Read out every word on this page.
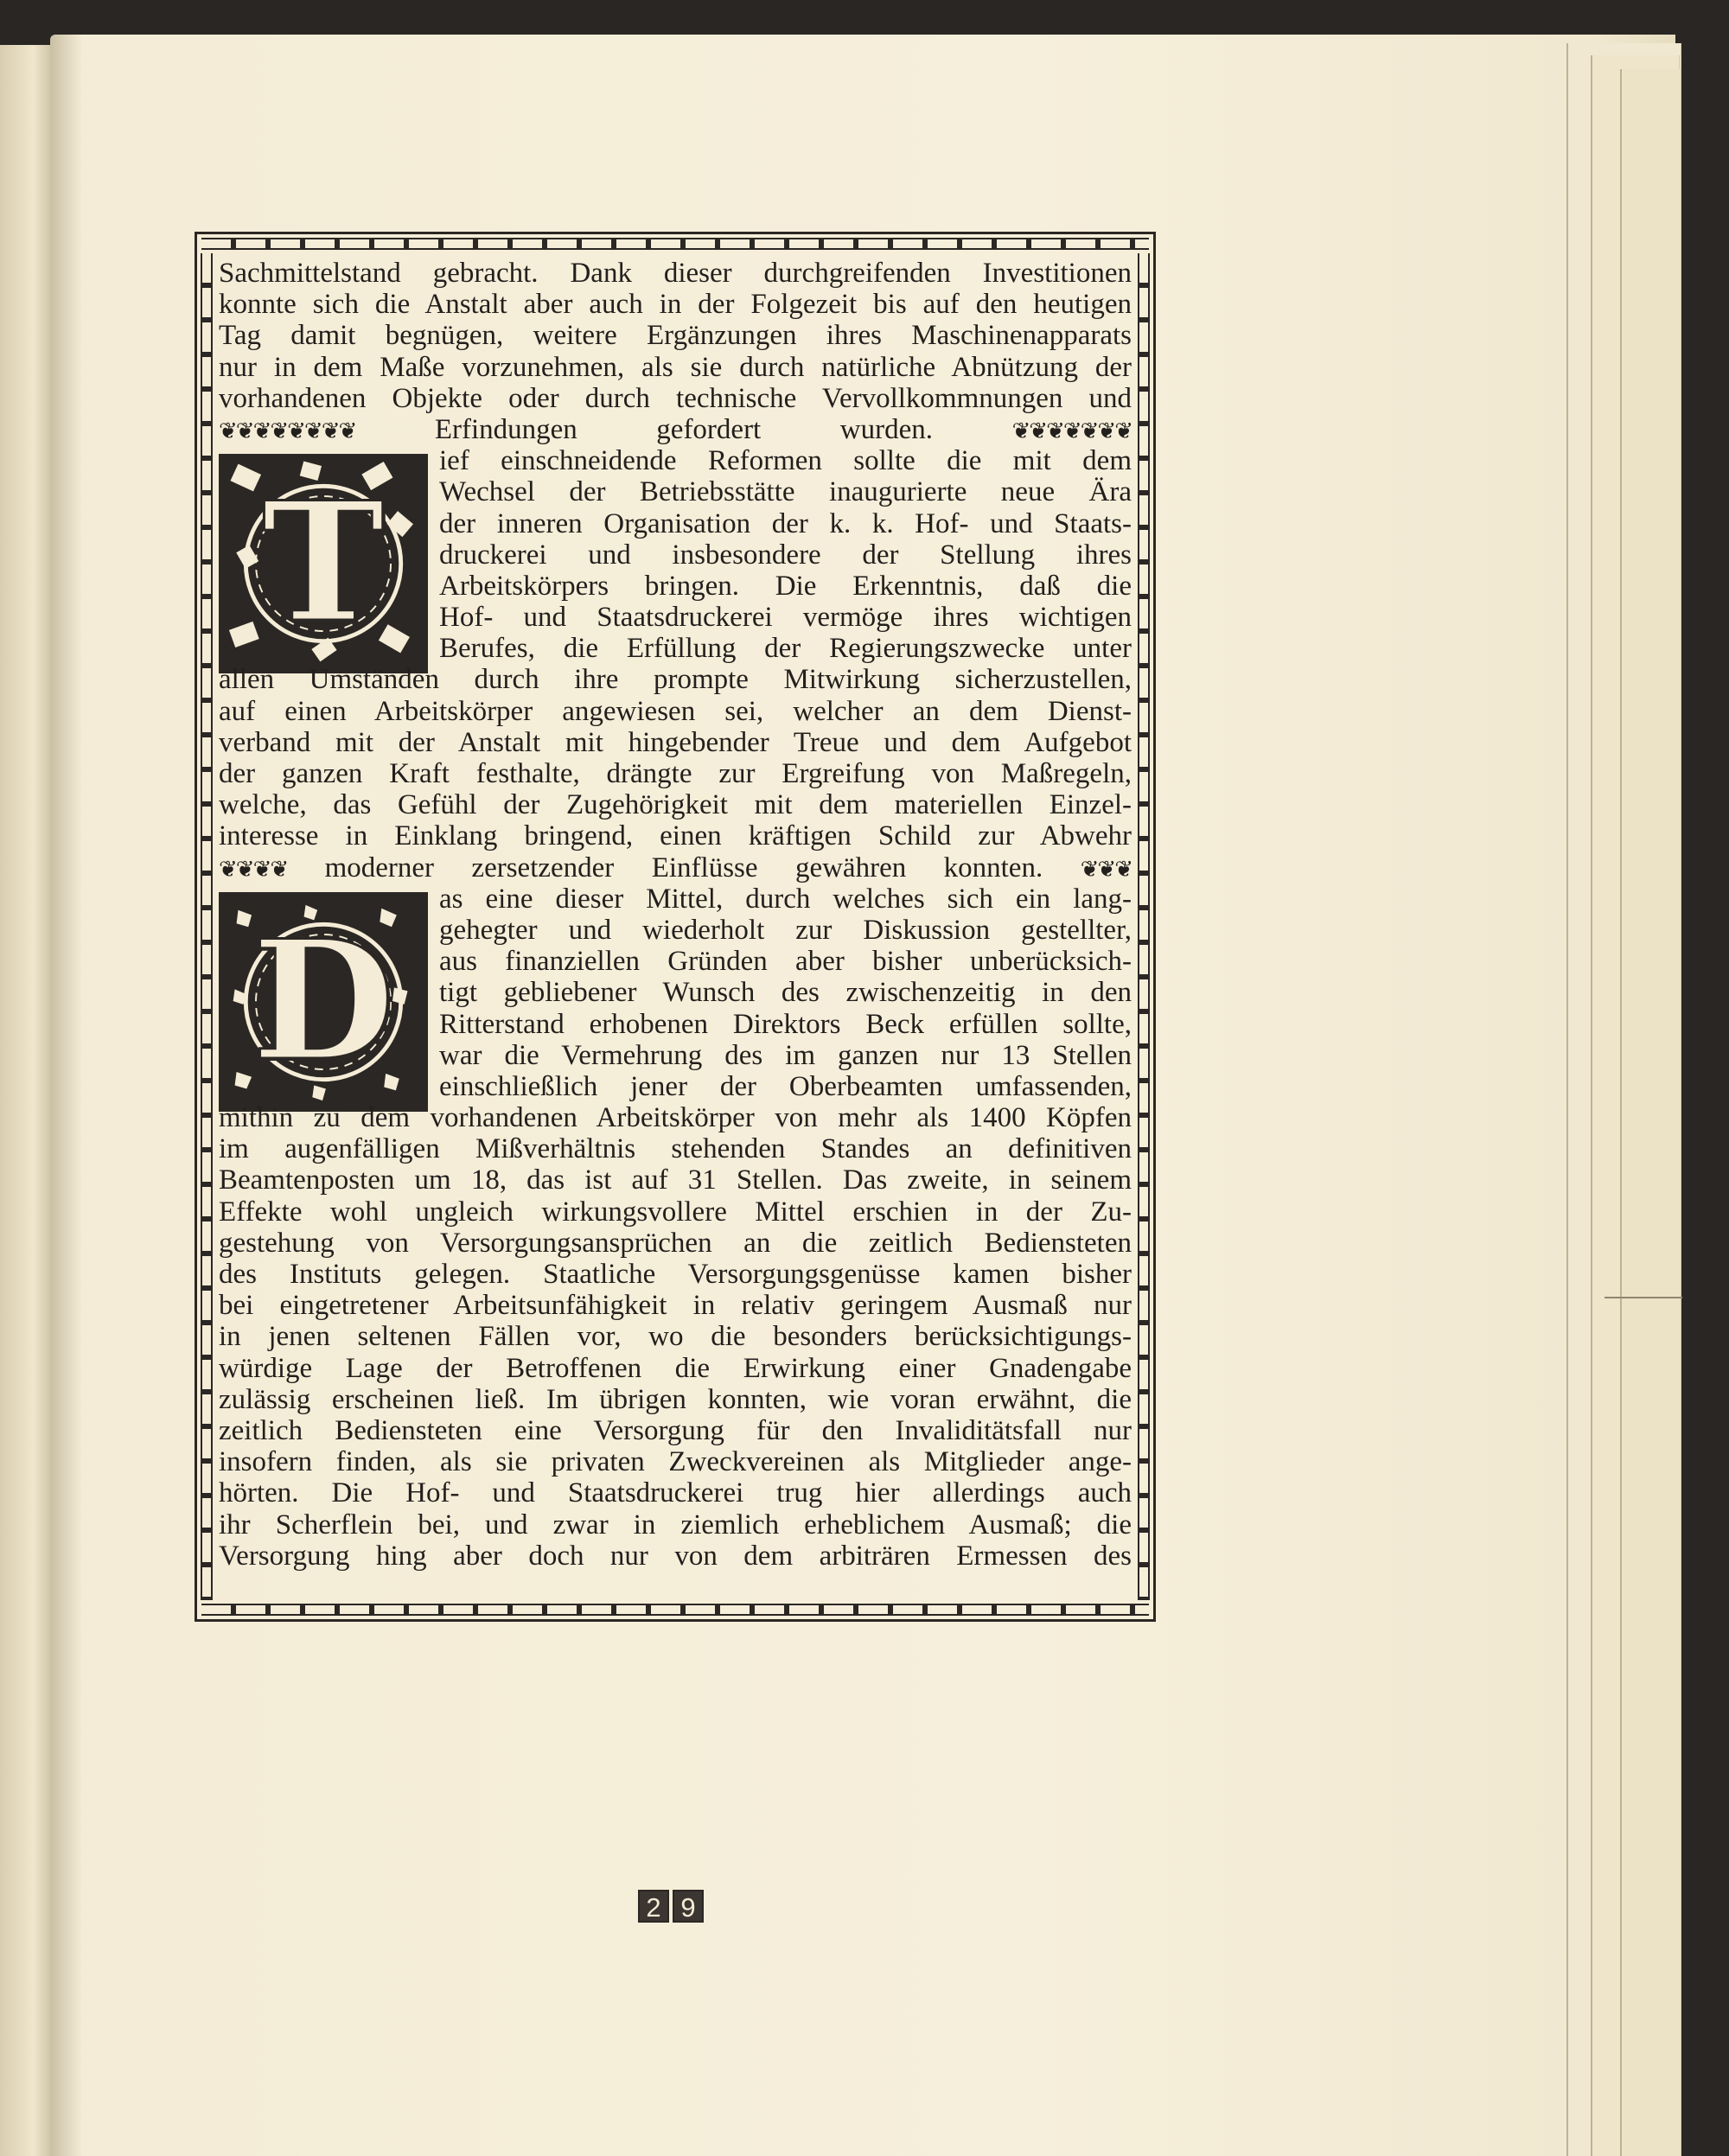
T
D
Sachmittelstand gebracht. Dank dieser durchgreifenden Investitionen
konnte sich die Anstalt aber auch in der Folgezeit bis auf den heutigen
Tag damit begnügen, weitere Ergänzungen ihres Maschinenapparats
nur in dem Maße vorzunehmen, als sie durch natürliche Abnützung der
vorhandenen Objekte oder durch technische Vervollkommnungen und
❦❦❦❦❦❦❦❦	Erfindungen gefordert wurden.	❦❦❦❦❦❦❦
ief einschneidende Reformen sollte die mit dem
Wechsel der Betriebsstätte inaugurierte neue Ära
der inneren Organisation der k. k. Hof- und Staats-
druckerei und insbesondere der Stellung ihres
Arbeitskörpers bringen. Die Erkenntnis, daß die
Hof- und Staatsdruckerei vermöge ihres wichtigen
Berufes, die Erfüllung der Regierungszwecke unter
allen Umständen durch ihre prompte Mitwirkung sicherzustellen,
auf einen Arbeitskörper angewiesen sei, welcher an dem Dienst-
verband mit der Anstalt mit hingebender Treue und dem Aufgebot
der ganzen Kraft festhalte, drängte zur Ergreifung von Maßregeln,
welche, das Gefühl der Zugehörigkeit mit dem materiellen Einzel-
interesse in Einklang bringend, einen kräftigen Schild zur Abwehr
❦❦❦❦ moderner zersetzender Einflüsse gewähren konnten. ❦❦❦
as eine dieser Mittel, durch welches sich ein lang-
gehegter und wiederholt zur Diskussion gestellter,
aus finanziellen Gründen aber bisher unberücksich-
tigt gebliebener Wunsch des zwischenzeitig in den
Ritterstand erhobenen Direktors Beck erfüllen sollte,
war die Vermehrung des im ganzen nur 13 Stellen
einschließlich jener der Oberbeamten umfassenden,
mithin zu dem vorhandenen Arbeitskörper von mehr als 1400 Köpfen
im augenfälligen Mißverhältnis stehenden Standes an definitiven
Beamtenposten um 18, das ist auf 31 Stellen. Das zweite, in seinem
Effekte wohl ungleich wirkungsvollere Mittel erschien in der Zu-
gestehung von Versorgungsansprüchen an die zeitlich Bediensteten
des Instituts gelegen. Staatliche Versorgungsgenüsse kamen bisher
bei eingetretener Arbeitsunfähigkeit in relativ geringem Ausmaß nur
in jenen seltenen Fällen vor, wo die besonders berücksichtigungs-
würdige Lage der Betroffenen die Erwirkung einer Gnadengabe
zulässig erscheinen ließ. Im übrigen konnten, wie voran erwähnt, die
zeitlich Bediensteten eine Versorgung für den Invaliditätsfall nur
insofern finden, als sie privaten Zweckvereinen als Mitglieder ange-
hörten. Die Hof- und Staatsdruckerei trug hier allerdings auch
ihr Scherflein bei, und zwar in ziemlich erheblichem Ausmaß; die
Versorgung hing aber doch nur von dem arbiträren Ermessen des
2 9
